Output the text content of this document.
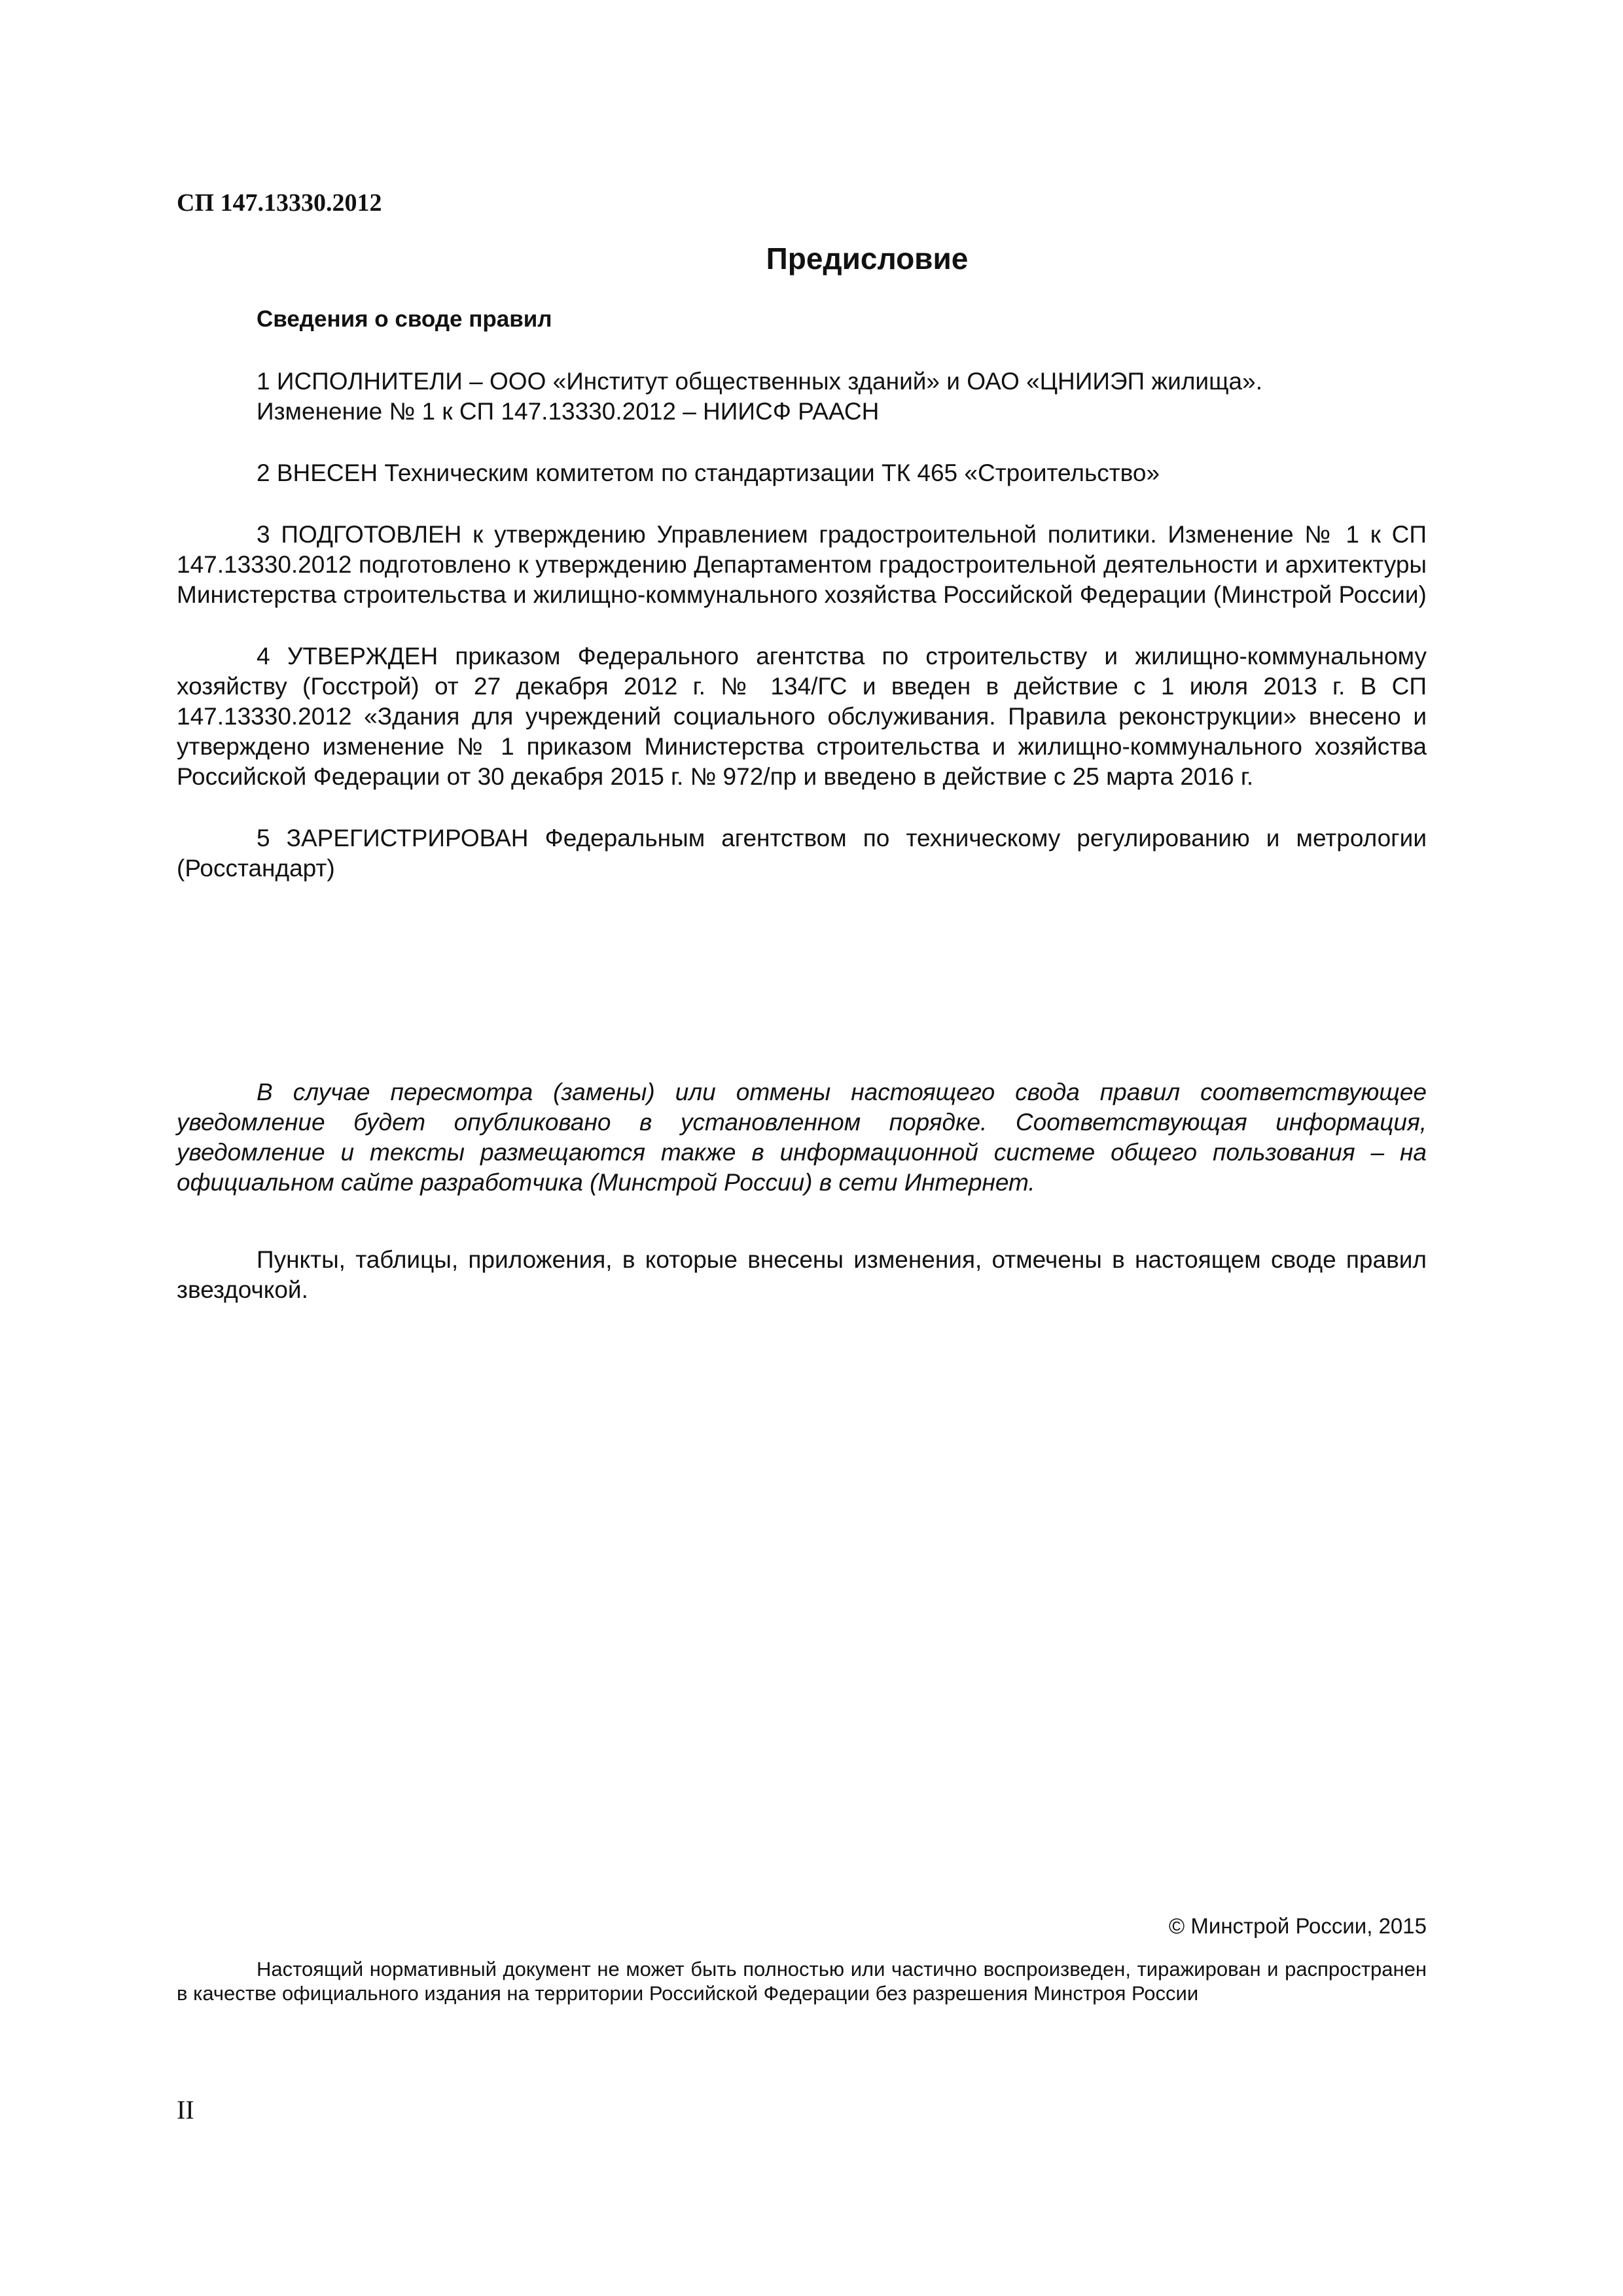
СП 147.13330.2012

Предисловие
Сведения о своде правил

1 ИСПОЛНИТЕЛИ – ООО «Институт общественных зданий» и ОАО «ЦНИИЭП жилища».
Изменение № 1 к СП 147.13330.2012 – НИИСФ РААСН

2 ВНЕСЕН Техническим комитетом по стандартизации ТК 465 «Строительство»

3 ПОДГОТОВЛЕН к утверждению Управлением градостроительной политики. Изменение № 1 к СП 147.13330.2012 подготовлено к утверждению Департаментом градостроительной деятельности и архитектуры Министерства строительства и жилищно-коммунального хозяйства Российской Федерации (Минстрой России)

4 УТВЕРЖДЕН приказом Федерального агентства по строительству и жилищно-коммунальному хозяйству (Госстрой) от 27 декабря 2012 г. № 134/ГС и введен в действие с 1 июля 2013 г. В СП 147.13330.2012 «Здания для учреждений социального обслуживания. Правила реконструкции» внесено и утверждено изменение № 1 приказом Министерства строительства и жилищно-коммунального хозяйства Российской Федерации от 30 декабря 2015 г. № 972/пр и введено в действие с 25 марта 2016 г.

5 ЗАРЕГИСТРИРОВАН Федеральным агентством по техническому регулированию и метрологии (Росстандарт)

В случае пересмотра (замены) или отмены настоящего свода правил соответствующее уведомление будет опубликовано в установленном порядке. Соответствующая информация, уведомление и тексты размещаются также в информационной системе общего пользования – на официальном сайте разработчика (Минстрой России) в сети Интернет.

Пункты, таблицы, приложения, в которые внесены изменения, отмечены в настоящем своде правил звездочкой.

© Минстрой России, 2015

Настоящий нормативный документ не может быть полностью или частично воспроизведен, тиражирован и распространен в качестве официального издания на территории Российской Федерации без разрешения Минстроя России

II
